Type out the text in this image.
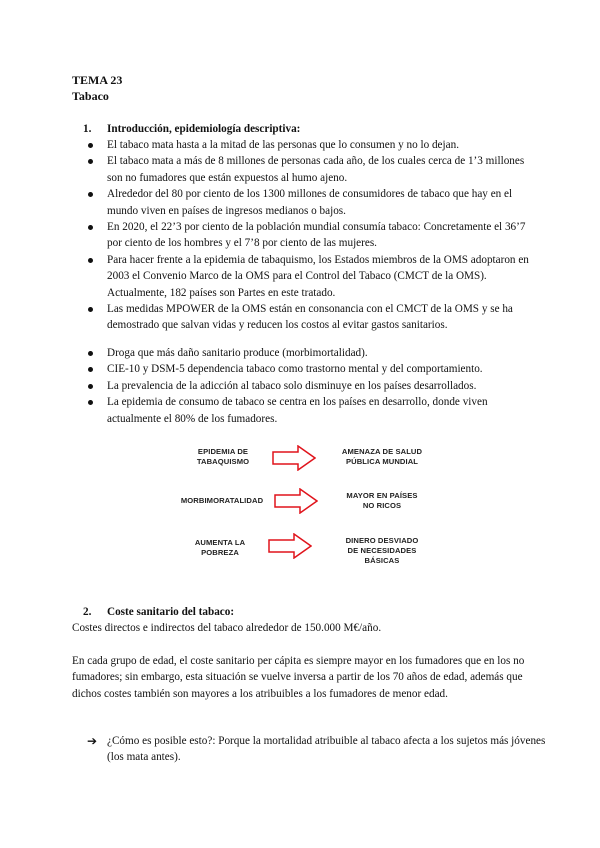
TEMA 23
Tabaco
1. Introducción, epidemiología descriptiva:
El tabaco mata hasta a la mitad de las personas que lo consumen y no lo dejan.
El tabaco mata a más de 8 millones de personas cada año, de los cuales cerca de 1’3 millones son no fumadores que están expuestos al humo ajeno.
Alrededor del 80 por ciento de los 1300 millones de consumidores de tabaco que hay en el mundo viven en países de ingresos medianos o bajos.
En 2020, el 22’3 por ciento de la población mundial consumía tabaco: Concretamente el 36’7 por ciento de los hombres y el 7’8 por ciento de las mujeres.
Para hacer frente a la epidemia de tabaquismo, los Estados miembros de la OMS adoptaron en 2003 el Convenio Marco de la OMS para el Control del Tabaco (CMCT de la OMS). Actualmente, 182 países son Partes en este tratado.
Las medidas MPOWER de la OMS están en consonancia con el CMCT de la OMS y se ha demostrado que salvan vidas y reducen los costos al evitar gastos sanitarios.
Droga que más daño sanitario produce (morbimortalidad).
CIE-10 y DSM-5 dependencia tabaco como trastorno mental y del comportamiento.
La prevalencia de la adicción al tabaco solo disminuye en los países desarrollados.
La epidemia de consumo de tabaco se centra en los países en desarrollo, donde viven actualmente el 80% de los fumadores.
EPIDEMIA DE
TABAQUISMO
AMENAZA DE SALUD
PÚBLICA MUNDIAL
MORBIMORATALIDAD
MAYOR EN PAÍSES
NO RICOS
AUMENTA LA
POBREZA
DINERO DESVIADO
DE NECESIDADES
BÁSICAS
2. Coste sanitario del tabaco:
Costes directos e indirectos del tabaco alrededor de 150.000 M€/año.
En cada grupo de edad, el coste sanitario per cápita es siempre mayor en los fumadores que en los no fumadores; sin embargo, esta situación se vuelve inversa a partir de los 70 años de edad, además que dichos costes también son mayores a los atribuibles a los fumadores de menor edad.
➔ ¿Cómo es posible esto?: Porque la mortalidad atribuible al tabaco afecta a los sujetos más jóvenes (los mata antes).
